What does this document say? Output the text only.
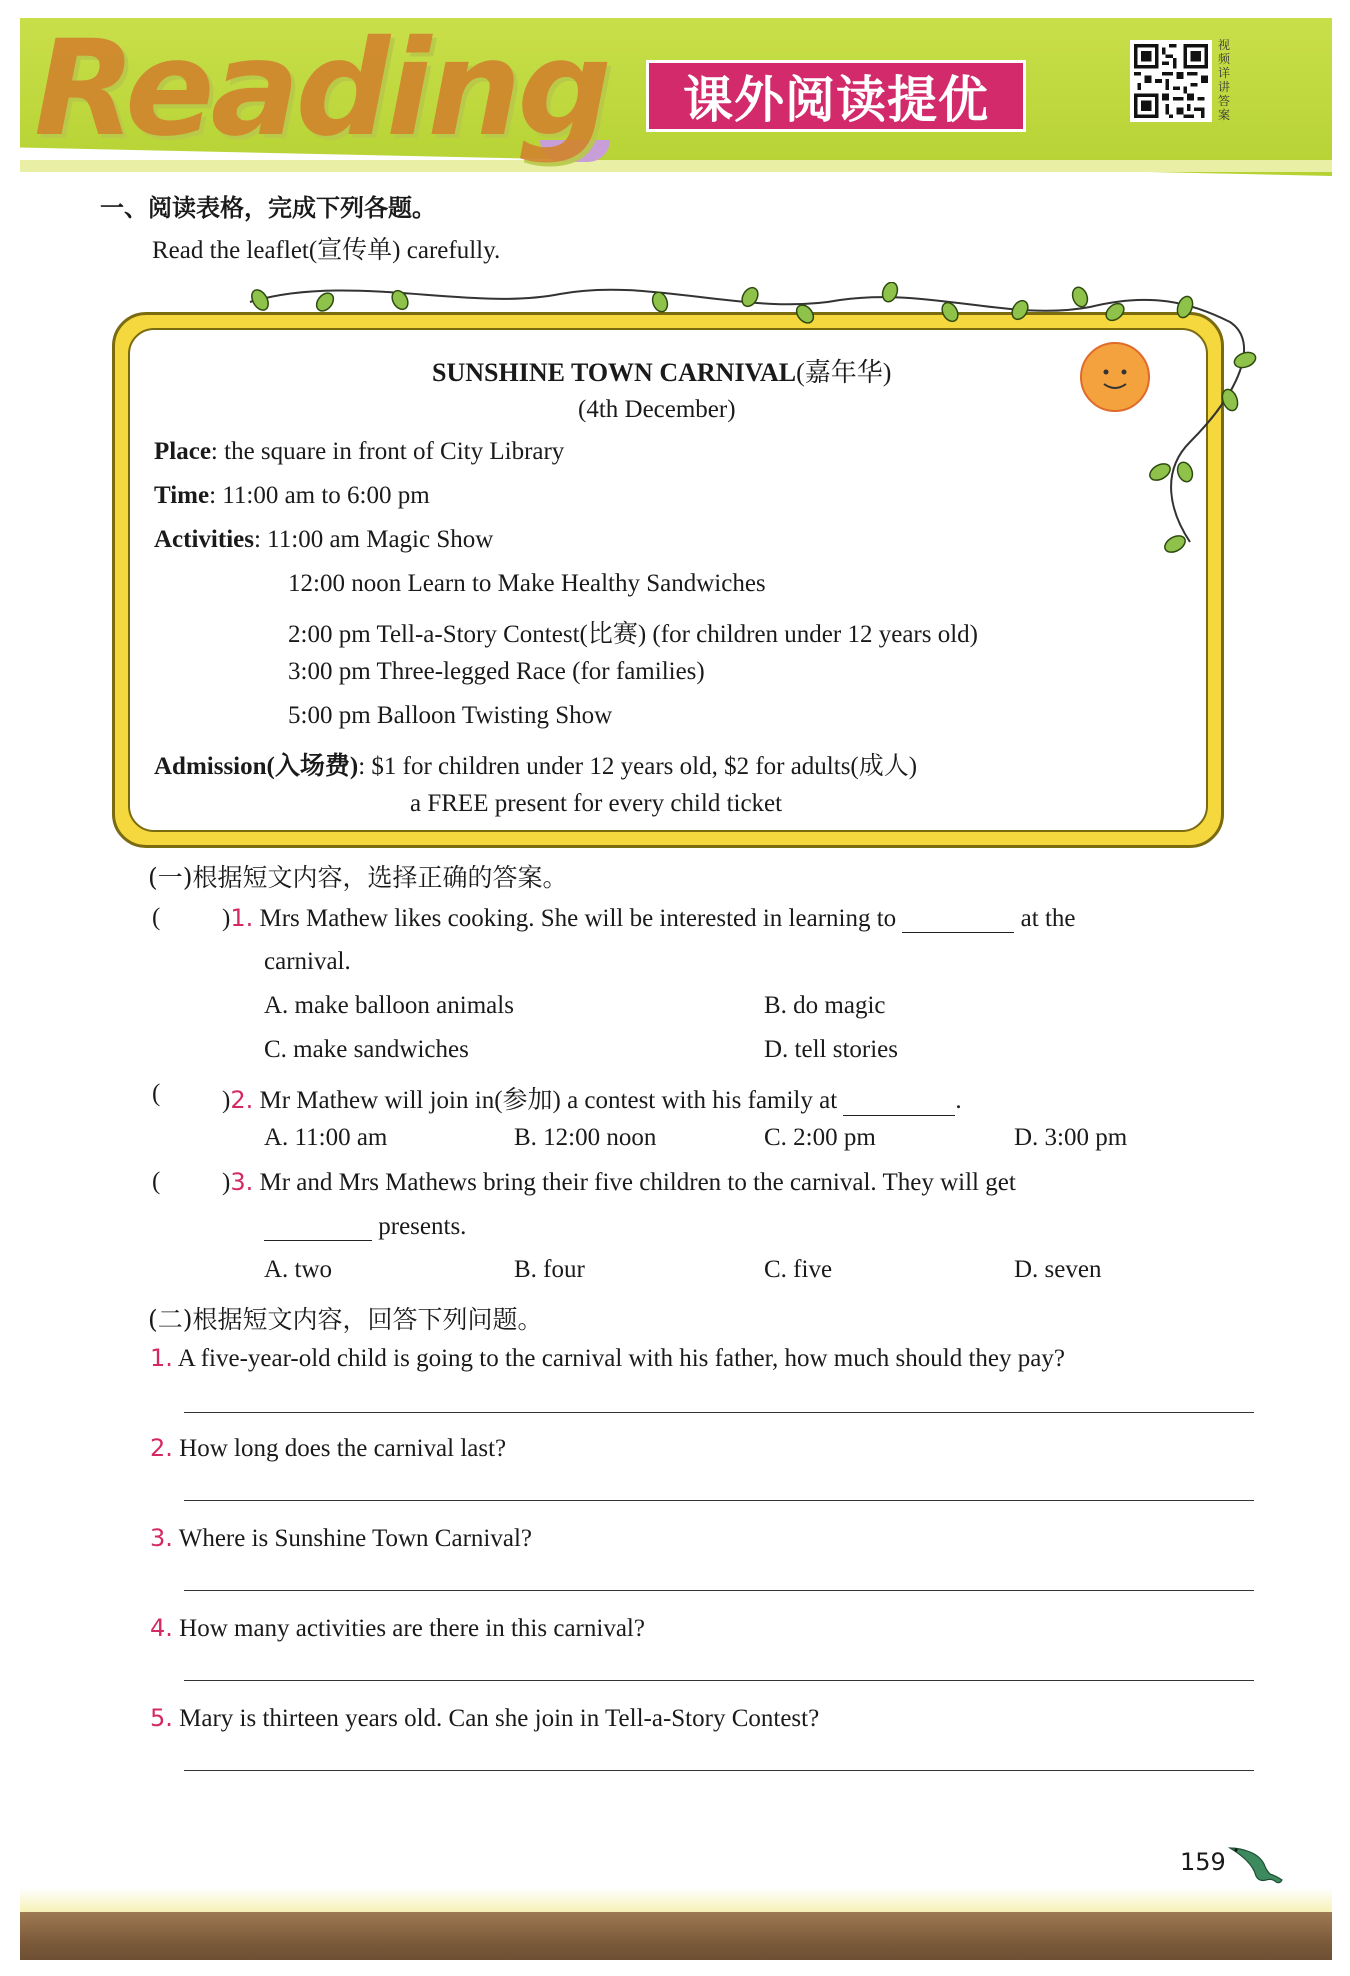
Reading	课外阅读提优
视频详讲答案
一、阅读表格，完成下列各题。
Read the leaflet(宣传单) carefully.
SUNSHINE TOWN CARNIVAL(嘉年华)
(4th December)
Place: the square in front of City Library
Time: 11:00 am to 6:00 pm
Activities: 11:00 am Magic Show
12:00 noon Learn to Make Healthy Sandwiches
2:00 pm Tell-a-Story Contest(比赛) (for children under 12 years old)
3:00 pm Three-legged Race (for families)
5:00 pm Balloon Twisting Show
Admission(入场费): $1 for children under 12 years old, $2 for adults(成人)
a FREE present for every child ticket
(一)根据短文内容，选择正确的答案。
( )1. Mrs Mathew likes cooking. She will be interested in learning to	at the
carnival.
A. make balloon animals	B. do magic
C. make sandwiches	D. tell stories
( )2. Mr Mathew will join in(参加) a contest with his family at	.
A. 11:00 am	B. 12:00 noon	C. 2:00 pm	D. 3:00 pm
( )3. Mr and Mrs Mathews bring their five children to the carnival. They will get
presents.
A. two	B. four	C. five	D. seven
(二)根据短文内容，回答下列问题。
1. A five-year-old child is going to the carnival with his father, how much should they pay?
2. How long does the carnival last?
3. Where is Sunshine Town Carnival?
4. How many activities are there in this carnival?
5. Mary is thirteen years old. Can she join in Tell-a-Story Contest?
159
